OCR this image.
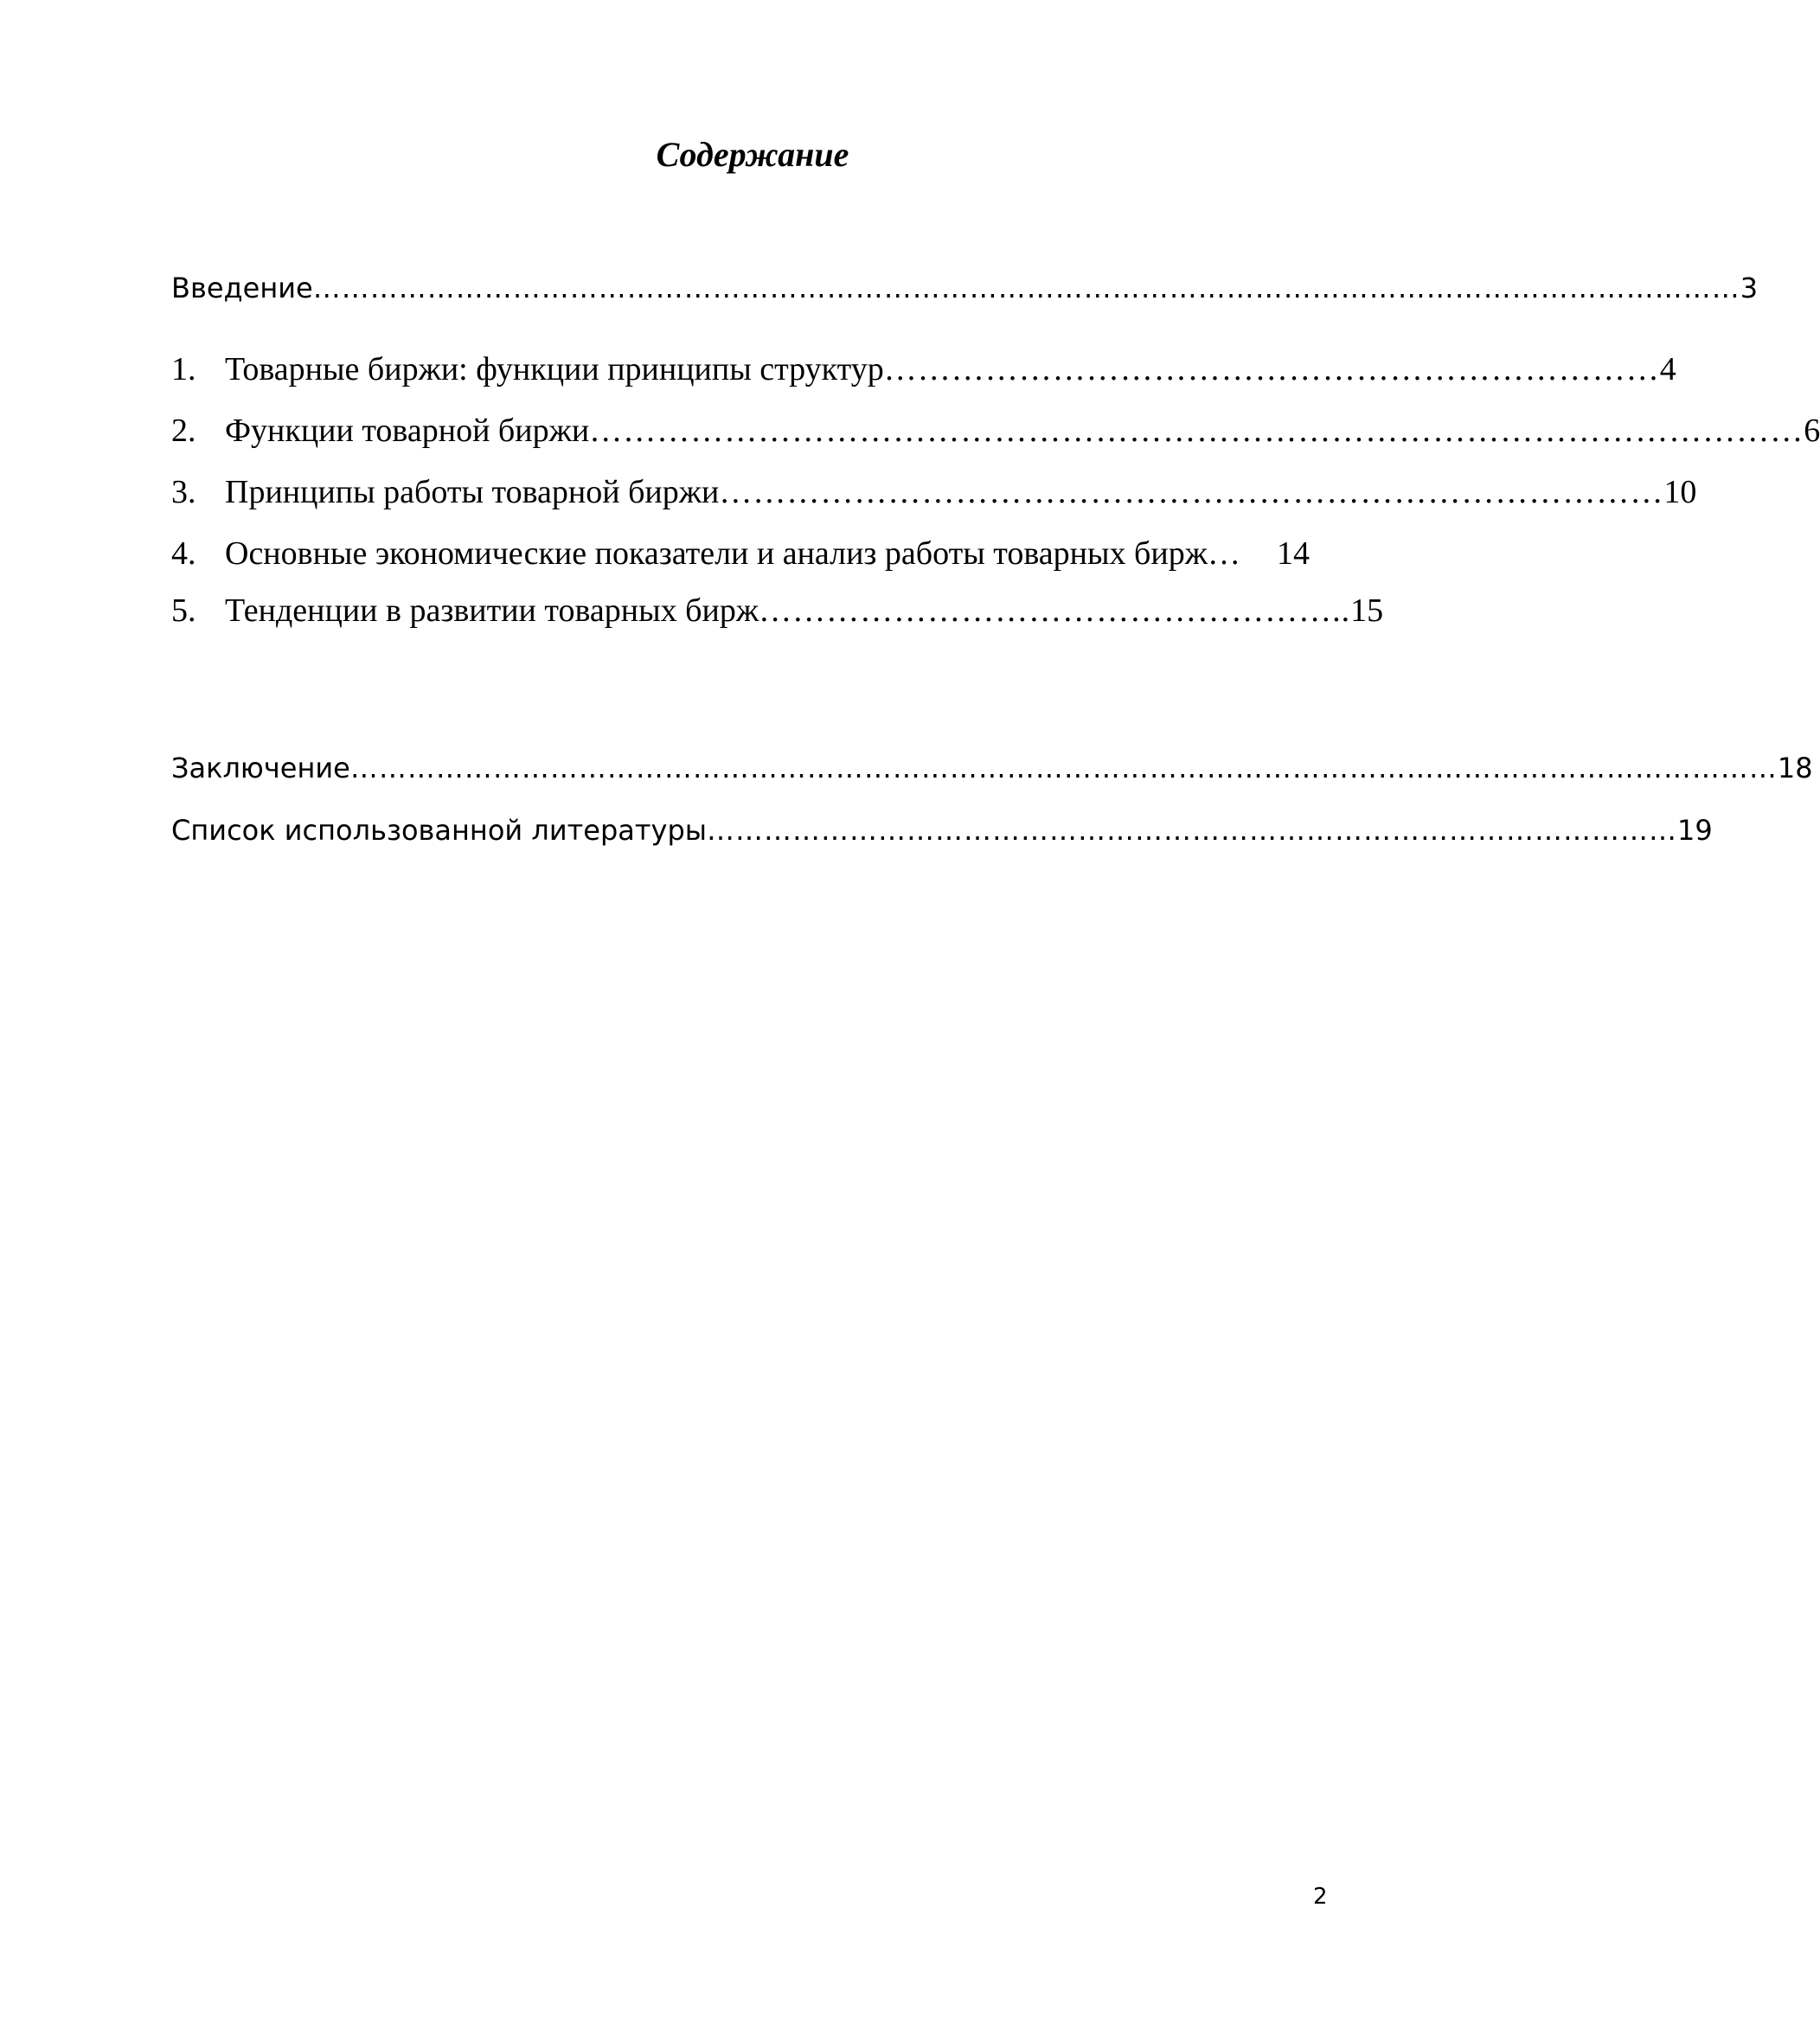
Содержание
Введение …………………………………………………………………………………………………………………………………… 3
1. Товарные биржи: функции принципы структур …………………………………………………………… 4
2. Функции товарной биржи ……………………………………………………………………………………………… 6
3. Принципы работы товарной биржи ………………………………………………………………………… 10
4. Основные экономические показатели и анализ работы товарных бирж …	14
5. Тенденции в развитии товарных бирж …………………………………………….. 15
Заключение …………………………………………………………………………………………………………………………………… 18
Список использованной литературы ………………………………………………………………………………………… 19
2
